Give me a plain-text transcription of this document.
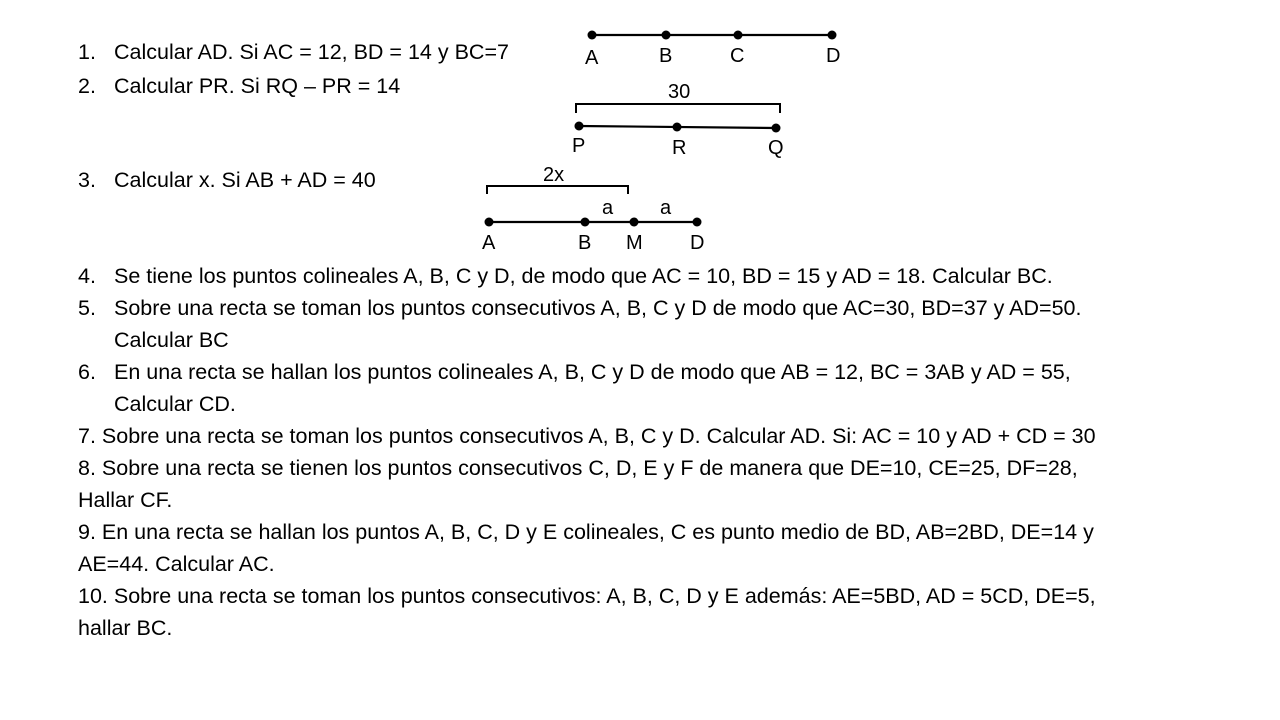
1. Calcular AD. Si AC = 12, BD = 14 y BC=7
2. Calcular PR. Si RQ – PR = 14
3. Calcular x. Si AB + AD = 40
4. Se tiene los puntos colineales A, B, C y D, de modo que AC = 10, BD = 15 y AD = 18. Calcular BC.
5. Sobre una recta se toman los puntos consecutivos A, B, C y D de modo que AC=30, BD=37 y AD=50.
Calcular BC
6. En una recta se hallan los puntos colineales A, B, C y D de modo que AB = 12, BC = 3AB y AD = 55,
Calcular CD.
7. Sobre una recta se toman los puntos consecutivos A, B, C y D. Calcular AD. Si: AC = 10 y AD + CD = 30
8. Sobre una recta se tienen los puntos consecutivos C, D, E y F de manera que DE=10, CE=25, DF=28,
Hallar CF.
9. En una recta se hallan los puntos A, B, C, D y E colineales, C es punto medio de BD, AB=2BD, DE=14 y
AE=44. Calcular AC.
10. Sobre una recta se toman los puntos consecutivos: A, B, C, D y E además: AE=5BD, AD = 5CD, DE=5,
hallar BC.
A	B	C	D
30
P	R	Q
2x
a a
A	B M D
